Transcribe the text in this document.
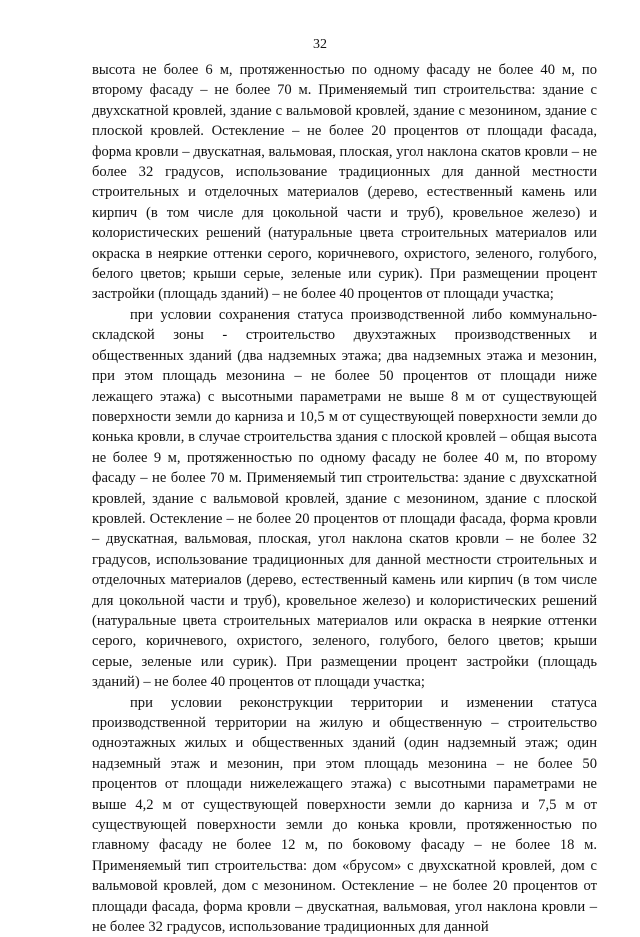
32

высота не более 6 м, протяженностью по одному фасаду не более 40 м, по второму фасаду – не более 70 м. Применяемый тип строительства: здание с двухскатной кровлей, здание с вальмовой кровлей, здание с мезонином, здание с плоской кровлей. Остекление – не более 20 процентов от площади фасада, форма кровли – двускатная, вальмовая, плоская, угол наклона скатов кровли – не более 32 градусов, использование традиционных для данной местности строительных и отделочных материалов (дерево, естественный камень или кирпич (в том числе для цокольной части и труб), кровельное железо) и колористических решений (натуральные цвета строительных материалов или окраска в неяркие оттенки серого, коричневого, охристого, зеленого, голубого, белого цветов; крыши серые, зеленые или сурик). При размещении процент застройки (площадь зданий) – не более 40 процентов от площади участка;

при условии сохранения статуса производственной либо коммунально-складской зоны - строительство двухэтажных производственных и общественных зданий (два надземных этажа; два надземных этажа и мезонин, при этом площадь мезонина – не более 50 процентов от площади ниже лежащего этажа) с высотными параметрами не выше 8 м от существующей поверхности земли до карниза и 10,5 м от существующей поверхности земли до конька кровли, в случае строительства здания с плоской кровлей – общая высота не более 9 м, протяженностью по одному фасаду не более 40 м, по второму фасаду – не более 70 м. Применяемый тип строительства: здание с двухскатной кровлей, здание с вальмовой кровлей, здание с мезонином, здание с плоской кровлей. Остекление – не более 20 процентов от площади фасада, форма кровли – двускатная, вальмовая, плоская, угол наклона скатов кровли – не более 32 градусов, использование традиционных для данной местности строительных и отделочных материалов (дерево, естественный камень или кирпич (в том числе для цокольной части и труб), кровельное железо) и колористических решений (натуральные цвета строительных материалов или окраска в неяркие оттенки серого, коричневого, охристого, зеленого, голубого, белого цветов; крыши серые, зеленые или сурик). При размещении процент застройки (площадь зданий) – не более 40 процентов от площади участка;

при условии реконструкции территории и изменении статуса производственной территории на жилую и общественную – строительство одноэтажных жилых и общественных зданий (один надземный этаж; один надземный этаж и мезонин, при этом площадь мезонина – не более 50 процентов от площади нижележащего этажа) с высотными параметрами не выше 4,2 м от существующей поверхности земли до карниза и 7,5 м от существующей поверхности земли до конька кровли, протяженностью по главному фасаду не более 12 м, по боковому фасаду – не более 18 м. Применяемый тип строительства: дом «брусом» с двухскатной кровлей, дом с вальмовой кровлей, дом с мезонином. Остекление – не более 20 процентов от площади фасада, форма кровли – двускатная, вальмовая, угол наклона кровли – не более 32 градусов, использование традиционных для данной
